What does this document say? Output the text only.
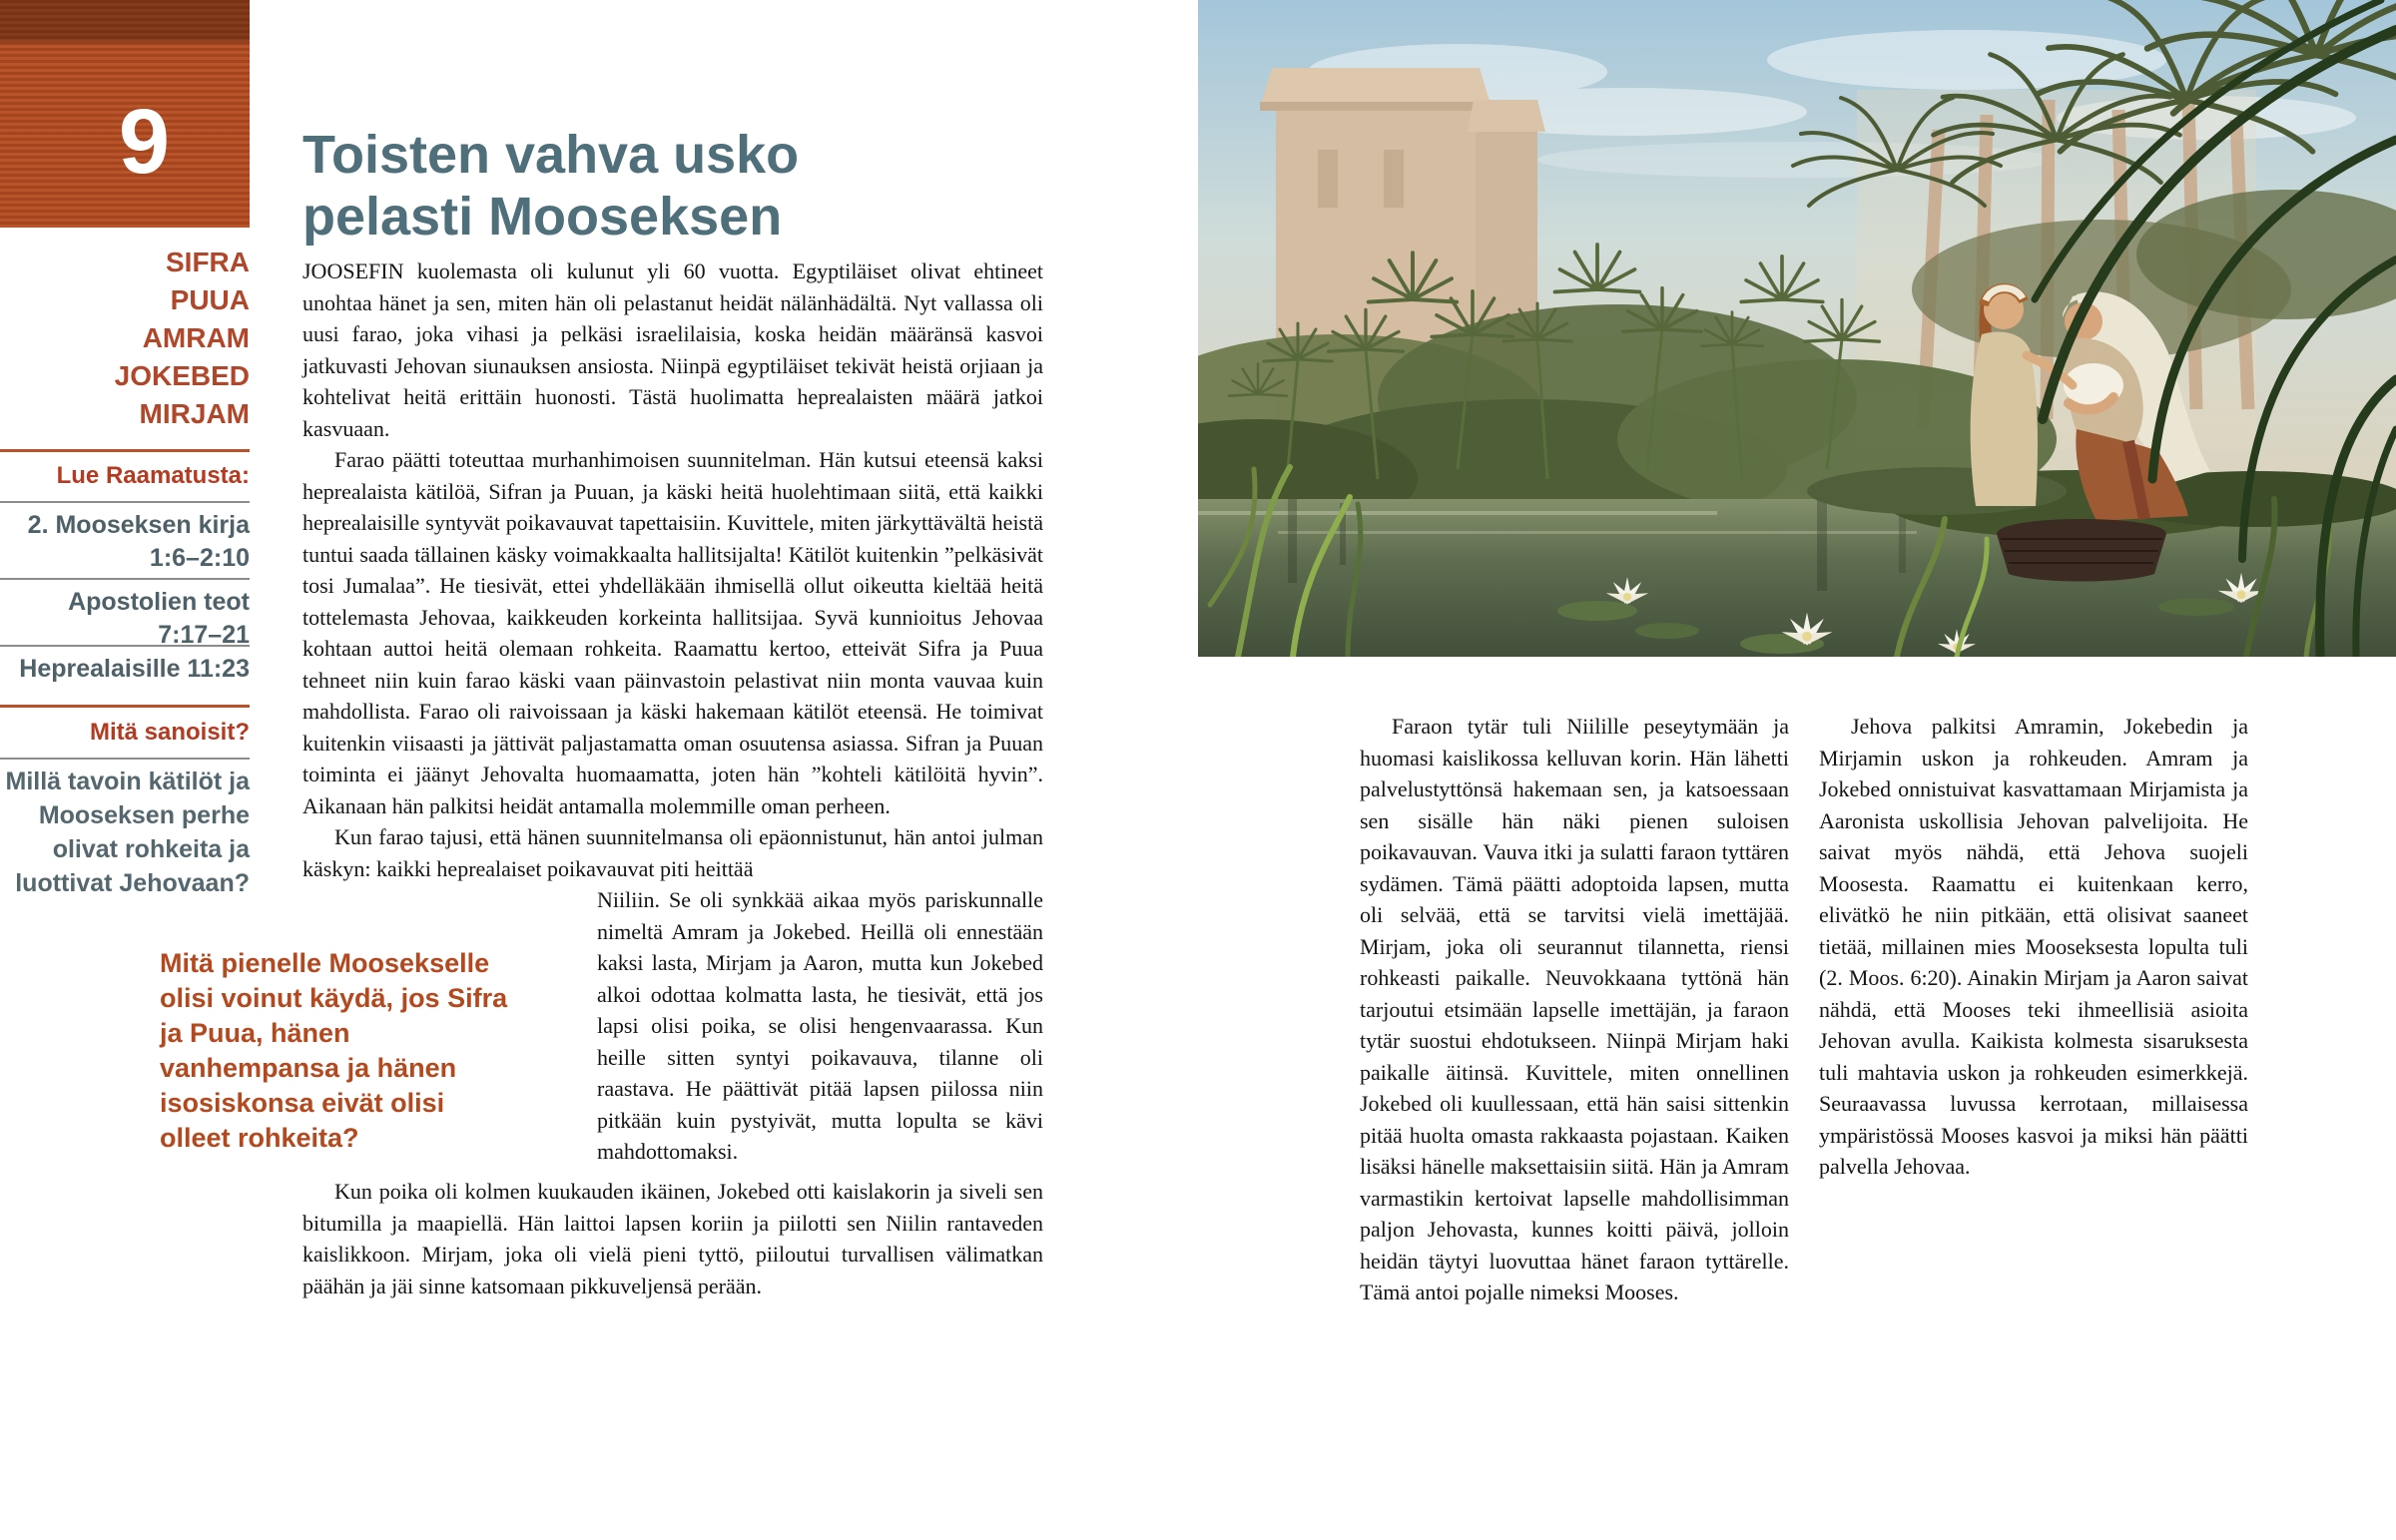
9
SIFRA
PUUA
AMRAM
JOKEBED
MIRJAM
Lue Raamatusta:
2. Mooseksen kirja 1:6–2:10
Apostolien teot 7:17–21
Heprealaisille 11:23
Mitä sanoisit?
Millä tavoin kätilöt ja Mooseksen perhe olivat rohkeita ja luottivat Jehovaan?
Toisten vahva usko pelasti Mooseksen

JOOSEFIN kuolemasta oli kulunut yli 60 vuotta. Egyptiläiset olivat ehtineet unohtaa hänet ja sen, miten hän oli pelastanut heidät nälänhädältä. Nyt vallassa oli uusi farao, joka vihasi ja pelkäsi israelilaisia, koska heidän määränsä kasvoi jatkuvasti Jehovan siunauksen ansiosta. Niinpä egyptiläiset tekivät heistä orjiaan ja kohtelivat heitä erittäin huonosti. Tästä huolimatta heprealaisten määrä jatkoi kasvuaan.

Farao päätti toteuttaa murhanhimoisen suunnitelman. Hän kutsui eteensä kaksi heprealaista kätilöä, Sifran ja Puuan, ja käski heitä huolehtimaan siitä, että kaikki heprealaisille syntyvät poikavauvat tapettaisiin. Kuvittele, miten järkyttävältä heistä tuntui saada tällainen käsky voimakkaalta hallitsijalta! Kätilöt kuitenkin ”pelkäsivät tosi Jumalaa”. He tiesivät, ettei yhdelläkään ihmisellä ollut oikeutta kieltää heitä tottelemasta Jehovaa, kaikkeuden korkeinta hallitsijaa. Syvä kunnioitus Jehovaa kohtaan auttoi heitä olemaan rohkeita. Raamattu kertoo, etteivät Sifra ja Puua tehneet niin kuin farao käski vaan päinvastoin pelastivat niin monta vauvaa kuin mahdollista. Farao oli raivoissaan ja käski hakemaan kätilöt eteensä. He toimivat kuitenkin viisaasti ja jättivät paljastamatta oman osuutensa asiassa. Sifran ja Puuan toiminta ei jäänyt Jehovalta huomaamatta, joten hän ”kohteli kätilöitä hyvin”. Aikanaan hän palkitsi heidät antamalla molemmille oman perheen.

Kun farao tajusi, että hänen suunnitelmansa oli epäonnistunut, hän antoi julman käskyn: kaikki heprealaiset poikavauvat piti heittää

Mitä pienelle Moosekselle olisi voinut käydä, jos Sifra ja Puua, hänen vanhempansa ja hänen isosiskonsa eivät olisi olleet rohkeita?

Niiliin. Se oli synkkää aikaa myös pariskunnalle nimeltä Amram ja Jokebed. Heillä oli ennestään kaksi lasta, Mirjam ja Aaron, mutta kun Jokebed alkoi odottaa kolmatta lasta, he tiesivät, että jos lapsi olisi poika, se olisi hengenvaarassa. Kun heille sitten syntyi poikavauva, tilanne oli raastava. He päättivät pitää lapsen piilossa niin pitkään kuin pystyivät, mutta lopulta se kävi mahdottomaksi.

Kun poika oli kolmen kuukauden ikäinen, Jokebed otti kaislakorin ja siveli sen bitumilla ja maapiellä. Hän laittoi lapsen koriin ja piilotti sen Niilin rantaveden kaislikkoon. Mirjam, joka oli vielä pieni tyttö, piiloutui turvallisen välimatkan päähän ja jäi sinne katsomaan pikkuveljensä perään.

Faraon tytär tuli Niilille peseytymään ja huomasi kaislikossa kelluvan korin. Hän lähetti palvelustyttönsä hakemaan sen, ja katsoessaan sen sisälle hän näki pienen suloisen poikavauvan. Vauva itki ja sulatti faraon tyttären sydämen. Tämä päätti adoptoida lapsen, mutta oli selvää, että se tarvitsi vielä imettäjää. Mirjam, joka oli seurannut tilannetta, riensi rohkeasti paikalle. Neuvokkaana tyttönä hän tarjoutui etsimään lapselle imettäjän, ja faraon tytär suostui ehdotukseen. Niinpä Mirjam haki paikalle äitinsä. Kuvittele, miten onnellinen Jokebed oli kuullessaan, että hän saisi sittenkin pitää huolta omasta rakkaasta pojastaan. Kaiken lisäksi hänelle maksettaisiin siitä. Hän ja Amram varmastikin kertoivat lapselle mahdollisimman paljon Jehovasta, kunnes koitti päivä, jolloin heidän täytyi luovuttaa hänet faraon tyttärelle. Tämä antoi pojalle nimeksi Mooses.

Jehova palkitsi Amramin, Jokebedin ja Mirjamin uskon ja rohkeuden. Amram ja Jokebed onnistuivat kasvattamaan Mirjamista ja Aaronista uskollisia Jehovan palvelijoita. He saivat myös nähdä, että Jehova suojeli Moosesta. Raamattu ei kuitenkaan kerro, elivätkö he niin pitkään, että olisivat saaneet tietää, millainen mies Mooseksesta lopulta tuli (2. Moos. 6:20). Ainakin Mirjam ja Aaron saivat nähdä, että Mooses teki ihmeellisiä asioita Jehovan avulla. Kaikista kolmesta sisaruksesta tuli mahtavia uskon ja rohkeuden esimerkkejä. Seuraavassa luvussa kerrotaan, millaisessa ympäristössä Mooses kasvoi ja miksi hän päätti palvella Jehovaa.
